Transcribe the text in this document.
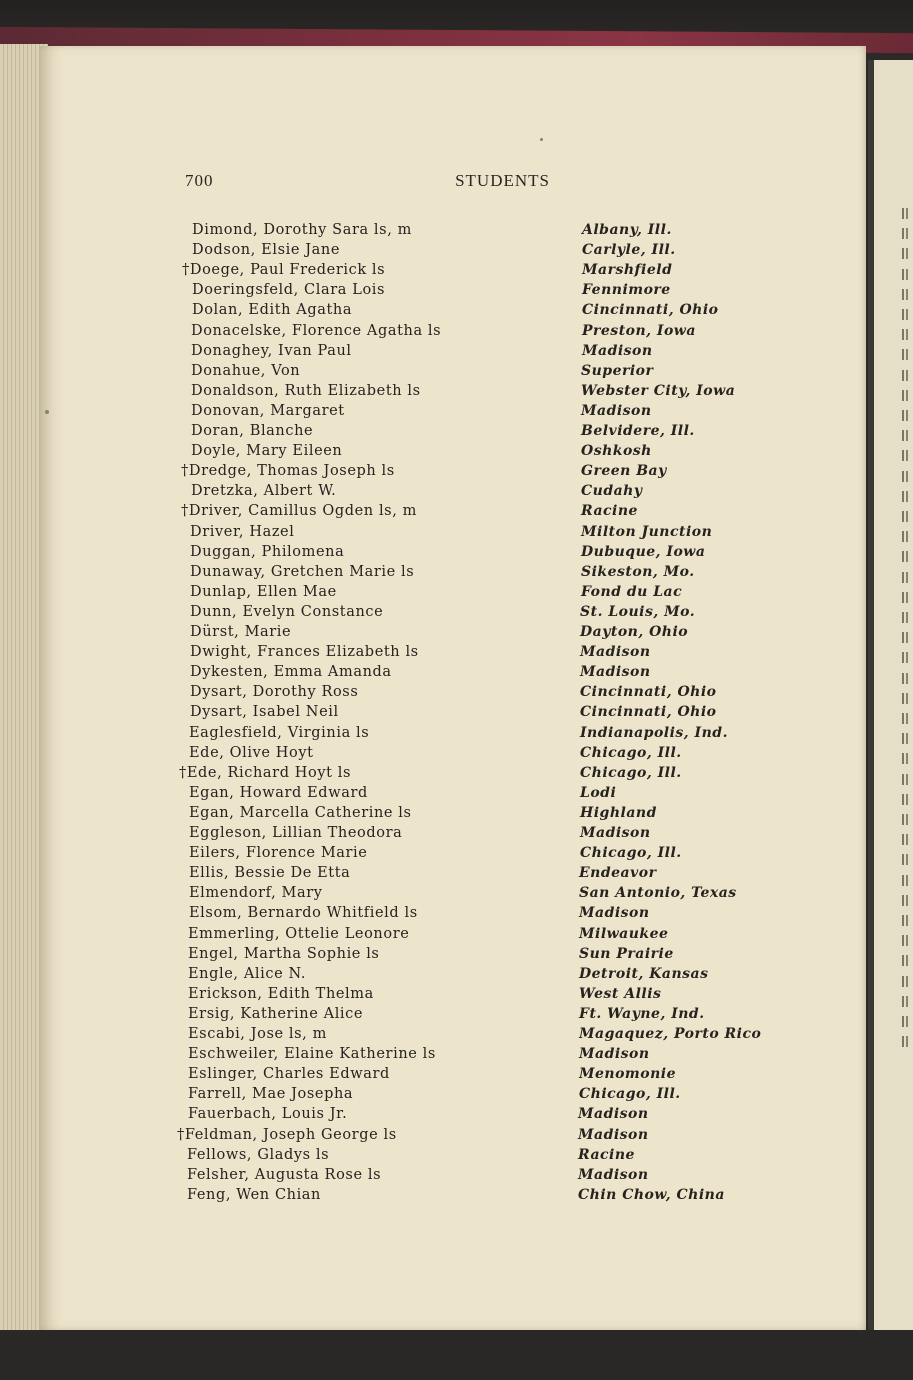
700	STUDENTS
Dimond, Dorothy Sara ls, m	Albany, Ill.
Dodson, Elsie Jane	Carlyle, Ill.
†Doege, Paul Frederick ls	Marshfield
Doeringsfeld, Clara Lois	Fennimore
Dolan, Edith Agatha	Cincinnati, Ohio
Donacelske, Florence Agatha ls	Preston, Iowa
Donaghey, Ivan Paul	Madison
Donahue, Von	Superior
Donaldson, Ruth Elizabeth ls	Webster City, Iowa
Donovan, Margaret	Madison
Doran, Blanche	Belvidere, Ill.
Doyle, Mary Eileen	Oshkosh
†Dredge, Thomas Joseph ls	Green Bay
Dretzka, Albert W.	Cudahy
†Driver, Camillus Ogden ls, m	Racine
Driver, Hazel	Milton Junction
Duggan, Philomena	Dubuque, Iowa
Dunaway, Gretchen Marie ls	Sikeston, Mo.
Dunlap, Ellen Mae	Fond du Lac
Dunn, Evelyn Constance	St. Louis, Mo.
Dürst, Marie	Dayton, Ohio
Dwight, Frances Elizabeth ls	Madison
Dykesten, Emma Amanda	Madison
Dysart, Dorothy Ross	Cincinnati, Ohio
Dysart, Isabel Neil	Cincinnati, Ohio
Eaglesfield, Virginia ls	Indianapolis, Ind.
Ede, Olive Hoyt	Chicago, Ill.
†Ede, Richard Hoyt ls	Chicago, Ill.
Egan, Howard Edward	Lodi
Egan, Marcella Catherine ls	Highland
Eggleson, Lillian Theodora	Madison
Eilers, Florence Marie	Chicago, Ill.
Ellis, Bessie De Etta	Endeavor
Elmendorf, Mary	San Antonio, Texas
Elsom, Bernardo Whitfield ls	Madison
Emmerling, Ottelie Leonore	Milwaukee
Engel, Martha Sophie ls	Sun Prairie
Engle, Alice N.	Detroit, Kansas
Erickson, Edith Thelma	West Allis
Ersig, Katherine Alice	Ft. Wayne, Ind.
Escabi, Jose ls, m	Magaquez, Porto Rico
Eschweiler, Elaine Katherine ls	Madison
Eslinger, Charles Edward	Menomonie
Farrell, Mae Josepha	Chicago, Ill.
Fauerbach, Louis Jr.	Madison
†Feldman, Joseph George ls	Madison
Fellows, Gladys ls	Racine
Felsher, Augusta Rose ls	Madison
Feng, Wen Chian	Chin Chow, China
